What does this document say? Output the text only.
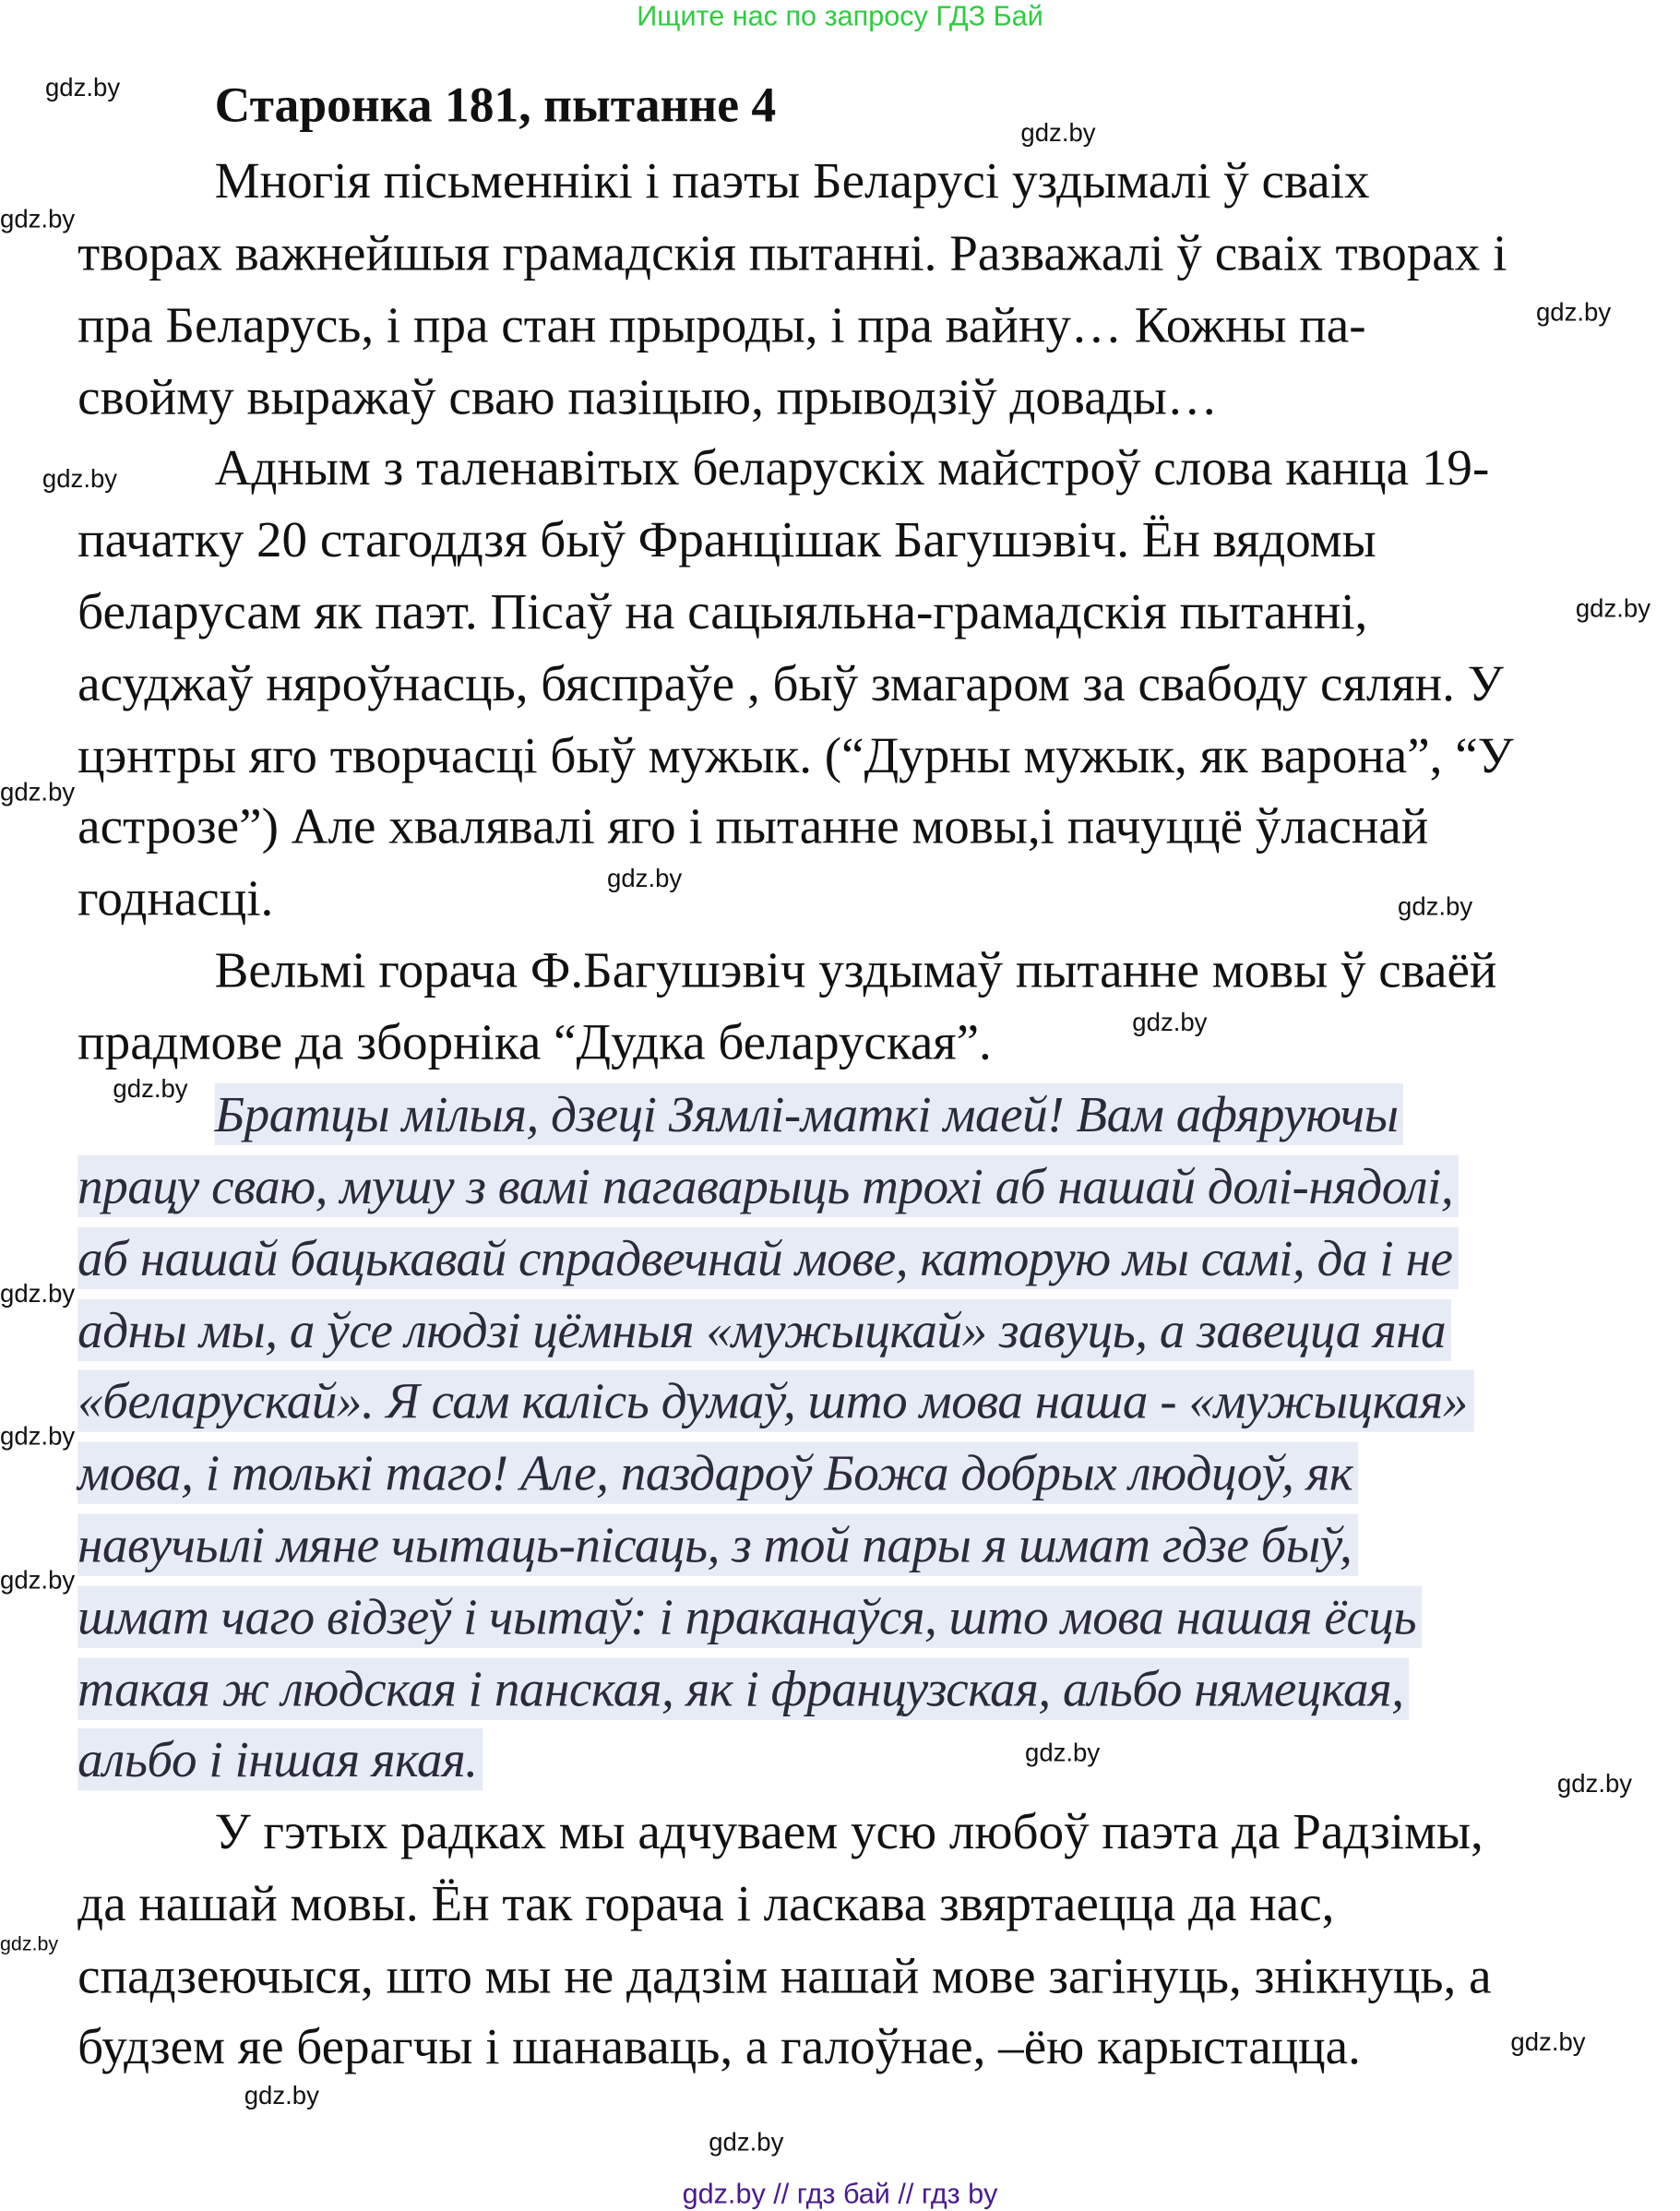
Ищите нас по запросу ГДЗ Бай
Старонка 181, пытанне 4
Многія пісьменнікі і паэты Беларусі уздымалі ў сваіх
творах важнейшыя грамадскія пытанні. Разважалі ў сваіх творах і
пра Беларусь, і пра стан прыроды, і пра вайну… Кожны па-
свойму выражаў сваю пазіцыю, прыводзіў довады…
Адным з таленавітых беларускіх майстроў слова канца 19-
пачатку 20 стагоддзя быў Францішак Багушэвіч. Ён вядомы
беларусам як паэт. Пісаў на сацыяльна-грамадскія пытанні,
асуджаў няроўнасць, бяспраўе , быў змагаром за свабоду сялян. У
цэнтры яго творчасці быў мужык. (“Дурны мужык, як варона”, “У
астрозе”) Але хвалявалі яго і пытанне мовы,і пачуццё ўласнай
годнасці.
Вельмі горача Ф.Багушэвіч уздымаў пытанне мовы ў сваёй
прадмове да зборніка “Дудка беларуская”.
Братцы мілыя, дзеці Зямлі-маткі маей! Вам афяруючы
працу сваю, мушу з вамі пагаварыць трохі аб нашай долі-нядолі,
аб нашай бацькавай спрадвечнай мове, каторую мы самі, да і не
адны мы, а ўсе людзі цёмныя «мужыцкай» завуць, а завецца яна
«беларускай». Я сам калісь думаў, што мова наша - «мужыцкая»
мова, і толькі таго! Але, паздароў Божа добрых людцоў, як
навучылі мяне чытаць-пісаць, з той пары я шмат гдзе быў,
шмат чаго відзеў і чытаў: і праканаўся, што мова нашая ёсць
такая ж людская і панская, як і французская, альбо нямецкая,
альбо і іншая якая.
У гэтых радках мы адчуваем усю любоў паэта да Радзімы,
да нашай мовы. Ён так горача і ласкава звяртаецца да нас,
спадзеючыся, што мы не дадзім нашай мове загінуць, знікнуць, а
будзем яе берагчы і шанаваць, а галоўнае, –ёю карыстацца.
gdz.by
gdz.by
gdz.by
gdz.by
gdz.by
gdz.by
gdz.by
gdz.by
gdz.by
gdz.by
gdz.by
gdz.by
gdz.by
gdz.by
gdz.by
gdz.by
gdz.by
gdz.by
gdz.by
gdz.by
gdz.by // гдз бай // гдз by
